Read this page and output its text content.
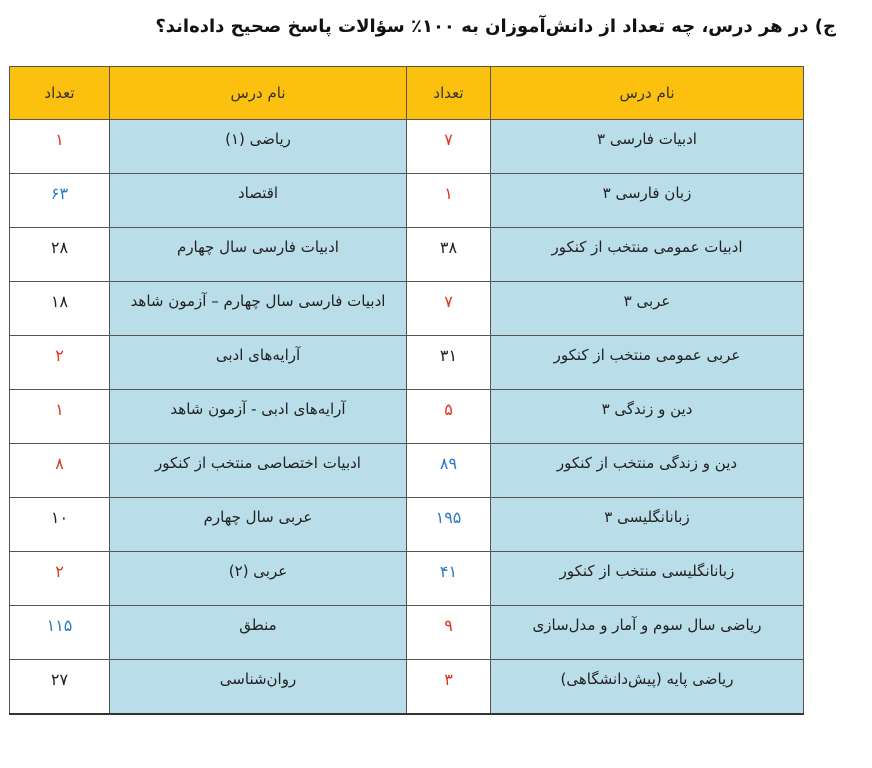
ج) در هر درس، چه تعداد از دانش‌آموزان به ۱۰۰٪ سؤالات پاسخ صحیح داده‌اند؟
نام درس	تعداد	نام درس	تعداد
ادبیات فارسی ۳	۷	ریاضی (۱)	۱
زبان فارسی ۳	۱	اقتصاد	۶۳
ادبیات عمومی منتخب از کنکور	۳۸	ادبیات فارسی سال چهارم	۲۸
عربی ۳	۷	ادبیات فارسی سال چهارم – آزمون شاهد	۱۸
عربی عمومی منتخب از کنکور	۳۱	آرایه‌های ادبی	۲
دین و زندگی ۳	۵	آرایه‌های ادبی - آزمون شاهد	۱
دین و زندگی منتخب از کنکور	۸۹	ادبیات اختصاصی منتخب از کنکور	۸
زبانانگلیسی ۳	۱۹۵	عربی سال چهارم	۱۰
زبانانگلیسی منتخب از کنکور	۴۱	عربی (۲)	۲
ریاضی سال سوم و آمار و مدل‌سازی	۹	منطق	۱۱۵
ریاضی پایه (پیش‌دانشگاهی)	۳	روان‌شناسی	۲۷
